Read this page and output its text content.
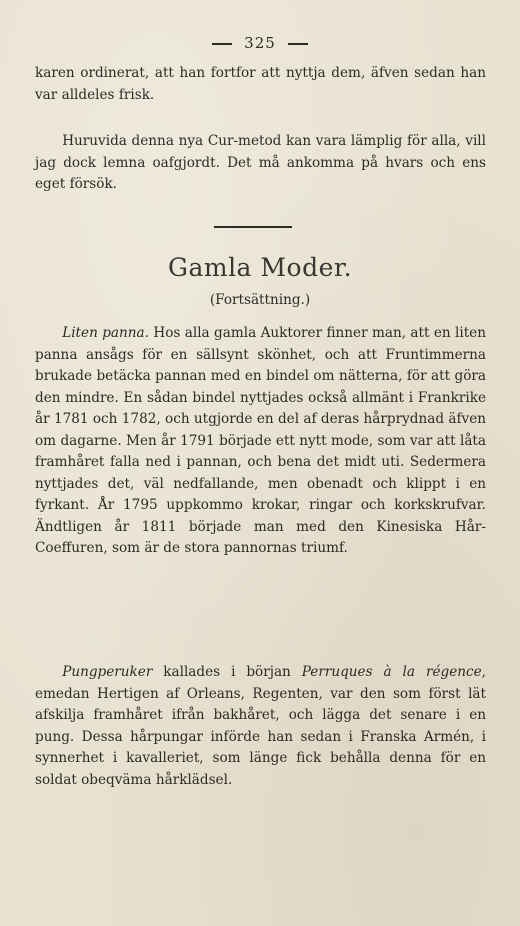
325

karen ordinerat, att han fortfor att nyttja dem, äfven sedan han var alldeles frisk.

Huruvida denna nya Cur-metod kan vara lämplig för alla, vill jag dock lemna oafgjordt. Det må ankomma på hvars och ens eget försök.

Gamla Moder.
(Fortsättning.)

Liten panna. Hos alla gamla Auktorer finner man, att en liten panna ansågs för en sällsynt skönhet, och att Fruntimmerna brukade betäcka pannan med en bindel om nätterna, för att göra den mindre. En sådan bindel nyttjades också allmänt i Frankrike år 1781 och 1782, och utgjorde en del af deras hårprydnad äfven om dagarne. Men år 1791 började ett nytt mode, som var att låta framhåret falla ned i pannan, och bena det midt uti. Sedermera nyttjades det, väl nedfallande, men obenadt och klippt i en fyrkant. År 1795 uppkommo krokar, ringar och korkskrufvar. Ändtligen år 1811 började man med den Kinesiska Hår-Coeffuren, som är de stora pannornas triumf.

Pungperuker kallades i början Perruques à la régence, emedan Hertigen af Orleans, Regenten, var den som först lät afskilja framhåret ifrån bakhåret, och lägga det senare i en pung. Dessa hårpungar införde han sedan i Franska Armén, i synnerhet i kavalleriet, som länge fick behålla denna för en soldat obeqväma hårklädsel.
